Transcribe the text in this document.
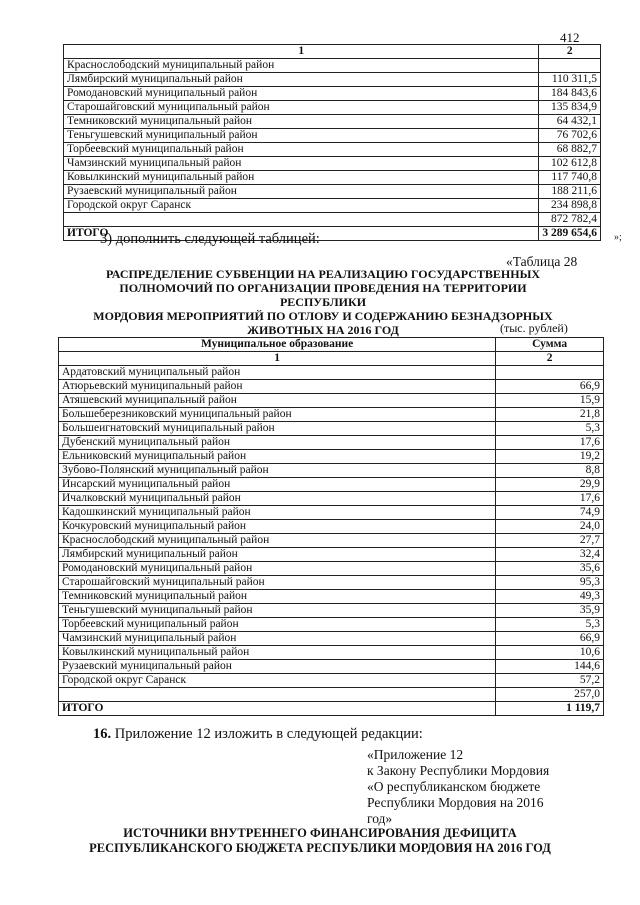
412
1	2
Краснослободский муниципальный район	
Лямбирский муниципальный район	110 311,5
Ромодановский муниципальный район	184 843,6
Старошайговский муниципальный район	135 834,9
Темниковский муниципальный район	64 432,1
Теньгушевский муниципальный район	76 702,6
Торбеевский муниципальный район	68 882,7
Чамзинский муниципальный район	102 612,8
Ковылкинский муниципальный район	117 740,8
Рузаевский муниципальный район	188 211,6
Городской округ Саранск	234 898,8
	872 782,4
ИТОГО	3 289 654,6 »;
3) дополнить следующей таблицей:
«Таблица 28
РАСПРЕДЕЛЕНИЕ СУБВЕНЦИИ НА РЕАЛИЗАЦИЮ ГОСУДАРСТВЕННЫХ
ПОЛНОМОЧИЙ ПО ОРГАНИЗАЦИИ ПРОВЕДЕНИЯ НА ТЕРРИТОРИИ РЕСПУБЛИКИ
МОРДОВИЯ МЕРОПРИЯТИЙ ПО ОТЛОВУ И СОДЕРЖАНИЮ БЕЗНАДЗОРНЫХ
ЖИВОТНЫХ НА 2016 ГОД	(тыс. рублей)
Муниципальное образование	Сумма
1	2
Ардатовский муниципальный район	
Атюрьевский муниципальный район	66,9
Атяшевский муниципальный район	15,9
Большеберезниковский муниципальный район	21,8
Большеигнатовский муниципальный район	5,3
Дубенский муниципальный район	17,6
Ельниковский муниципальный район	19,2
Зубово-Полянский муниципальный район	8,8
Инсарский муниципальный район	29,9
Ичалковский муниципальный район	17,6
Кадошкинский муниципальный район	74,9
Кочкуровский муниципальный район	24,0
Краснослободский муниципальный район	27,7
Лямбирский муниципальный район	32,4
Ромодановский муниципальный район	35,6
Старошайговский муниципальный район	95,3
Темниковский муниципальный район	49,3
Теньгушевский муниципальный район	35,9
Торбеевский муниципальный район	5,3
Чамзинский муниципальный район	66,9
Ковылкинский муниципальный район	10,6
Рузаевский муниципальный район	144,6
Городской округ Саранск	57,2
	257,0
ИТОГО	1 119,7
16. Приложение 12 изложить в следующей редакции:
«Приложение 12
к Закону Республики Мордовия
«О республиканском бюджете
Республики Мордовия на 2016
год»
ИСТОЧНИКИ ВНУТРЕННЕГО ФИНАНСИРОВАНИЯ ДЕФИЦИТА
РЕСПУБЛИКАНСКОГО БЮДЖЕТА РЕСПУБЛИКИ МОРДОВИЯ НА 2016 ГОД
